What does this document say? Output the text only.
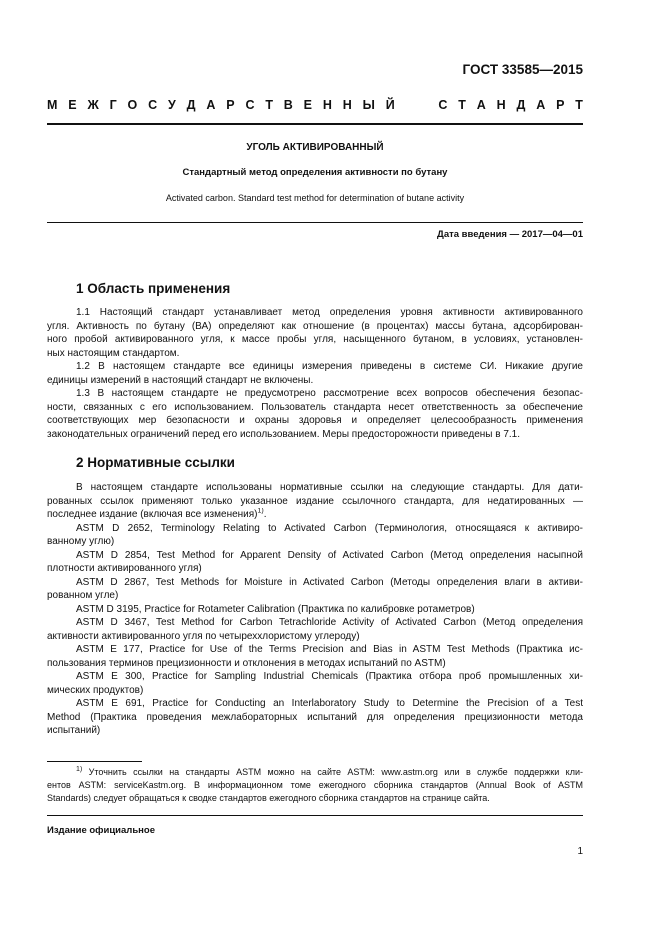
ГОСТ 33585—2015
М Е Ж Г О С У Д А Р С Т В Е Н Н Ы Й	С Т А Н Д А Р Т
УГОЛЬ АКТИВИРОВАННЫЙ
Стандартный метод определения активности по бутану
Activated carbon. Standard test method for determination of butane activity
Дата введения — 2017—04—01
1 Область применения
1.1 Настоящий стандарт устанавливает метод определения уровня активности активированного
угля. Активность по бутану (ВА) определяют как отношение (в процентах) массы бутана, адсорбирован-
ного пробой активированного угля, к массе пробы угля, насыщенного бутаном, в условиях, установлен-
ных настоящим стандартом.
1.2 В настоящем стандарте все единицы измерения приведены в системе СИ. Никакие другие
единицы измерений в настоящий стандарт не включены.
1.3 В настоящем стандарте не предусмотрено рассмотрение всех вопросов обеспечения безопас-
ности, связанных с его использованием. Пользователь стандарта несет ответственность за обеспечение
соответствующих мер безопасности и охраны здоровья и определяет целесообразность применения
законодательных ограничений перед его использованием. Меры предосторожности приведены в 7.1.
2 Нормативные ссылки
В настоящем стандарте использованы нормативные ссылки на следующие стандарты. Для дати-
рованных ссылок применяют только указанное издание ссылочного стандарта, для недатированных —
последнее издание (включая все изменения)$^{1)}$.
ASTM D 2652, Terminology Relating to Activated Carbon (Терминология, относящаяся к активиро-
ванному углю)
ASTM D 2854, Test Method for Apparent Density of Activated Carbon (Метод определения насыпной
плотности активированного угля)
ASTM D 2867, Test Methods for Moisture in Activated Carbon (Методы определения влаги в активи-
рованном угле)
ASTM D 3195, Practice for Rotameter Calibration (Практика по калибровке ротаметров)
ASTM D 3467, Test Method for Carbon Tetrachloride Activity of Activated Carbon (Метод определения
активности активированного угля по четыреххлористому углероду)
ASTM E 177, Practice for Use of the Terms Precision and Bias in ASTM Test Methods (Практика ис-
пользования терминов прецизионности и отклонения в методах испытаний по ASTM)
ASTM E 300, Practice for Sampling Industrial Chemicals (Практика отбора проб промышленных хи-
мических продуктов)
ASTM E 691, Practice for Conducting an Interlaboratory Study to Determine the Precision of a Test
Method (Практика проведения межлабораторных испытаний для определения прецизионности метода
испытаний)
$^{1)}$ Уточнить ссылки на стандарты ASTM можно на сайте ASTM: www.astm.org или в службе поддержки кли-
ентов ASTM: serviceKastm.org. В информационном томе ежегодного сборника стандартов (Annual Book of ASTM
Standards) следует обращаться к сводке стандартов ежегодного сборника стандартов на странице сайта.
Издание официальное
1
